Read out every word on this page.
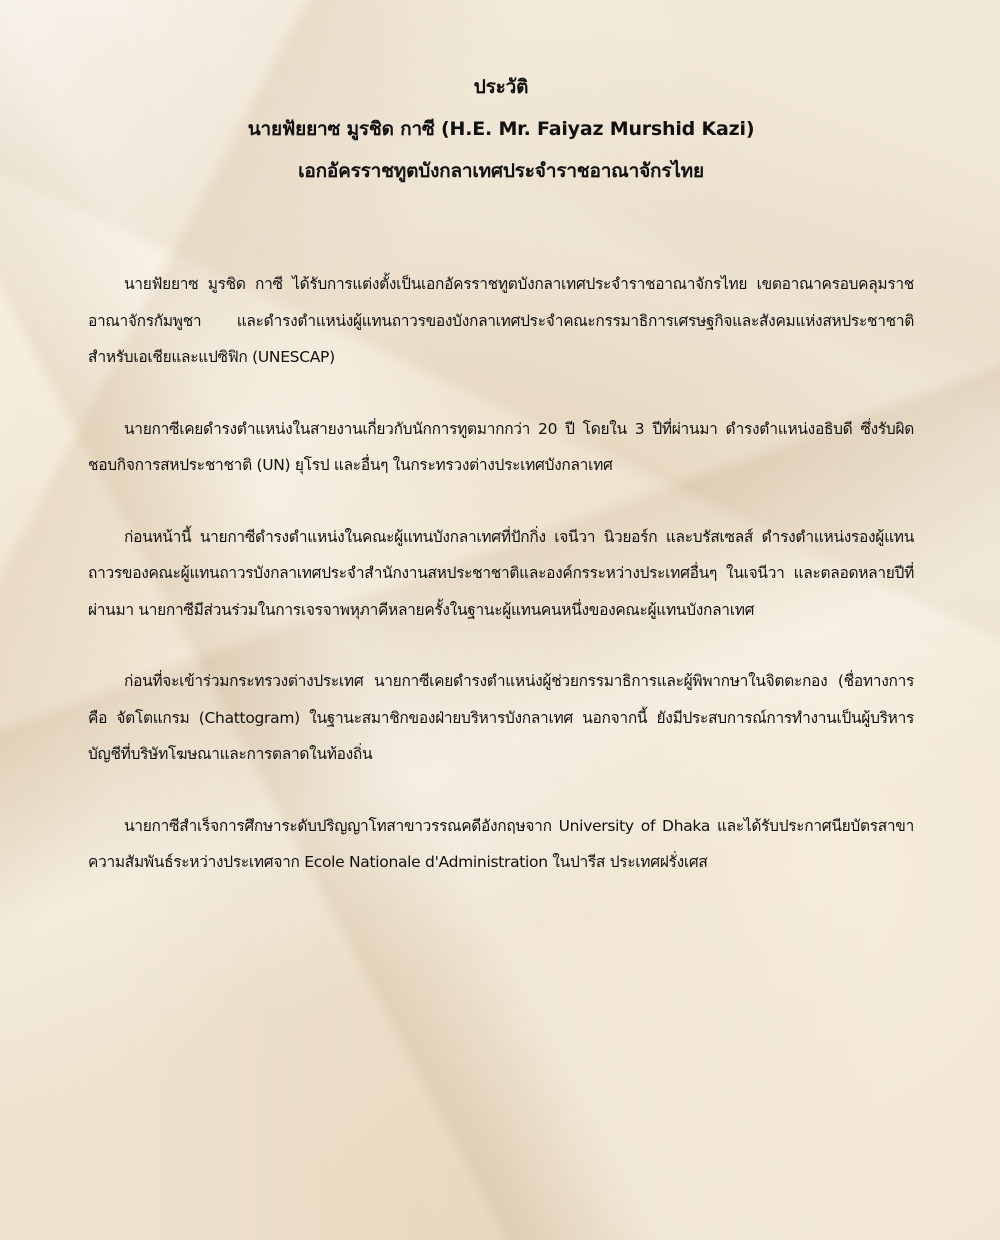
ประวัติ
นายฟัยยาซ มูรชิด กาซี (H.E. Mr. Faiyaz Murshid Kazi)
เอกอัครราชทูตบังกลาเทศประจำราชอาณาจักรไทย

นายฟัยยาซ มูรชิด กาซี ได้รับการแต่งตั้งเป็นเอกอัครราชทูตบังกลาเทศประจำราชอาณาจักรไทย เขตอาณาครอบคลุมราชอาณาจักรกัมพูชา และดำรงตำแหน่งผู้แทนถาวรของบังกลาเทศประจำคณะกรรมาธิการเศรษฐกิจและสังคมแห่งสหประชาชาติสำหรับเอเชียและแปซิฟิก (UNESCAP)

นายกาซีเคยดำรงตำแหน่งในสายงานเกี่ยวกับนักการทูตมากกว่า 20 ปี โดยใน 3 ปีที่ผ่านมา ดำรงตำแหน่งอธิบดี ซึ่งรับผิดชอบกิจการสหประชาชาติ (UN) ยุโรป และอื่นๆ ในกระทรวงต่างประเทศบังกลาเทศ

ก่อนหน้านี้ นายกาซีดำรงตำแหน่งในคณะผู้แทนบังกลาเทศที่ปักกิ่ง เจนีวา นิวยอร์ก และบรัสเซลส์ ดำรงตำแหน่งรองผู้แทนถาวรของคณะผู้แทนถาวรบังกลาเทศประจำสำนักงานสหประชาชาติและองค์กรระหว่างประเทศอื่นๆ ในเจนีวา และตลอดหลายปีที่ผ่านมา นายกาซีมีส่วนร่วมในการเจรจาพหุภาคีหลายครั้งในฐานะผู้แทนคนหนึ่งของคณะผู้แทนบังกลาเทศ

ก่อนที่จะเข้าร่วมกระทรวงต่างประเทศ นายกาซีเคยดำรงตำแหน่งผู้ช่วยกรรมาธิการและผู้พิพากษาในจิตตะกอง (ชื่อทางการคือ จัตโตแกรม (Chattogram) ในฐานะสมาชิกของฝ่ายบริหารบังกลาเทศ นอกจากนี้ ยังมีประสบการณ์การทำงานเป็นผู้บริหารบัญชีที่บริษัทโฆษณาและการตลาดในท้องถิ่น

นายกาซีสำเร็จการศึกษาระดับปริญญาโทสาขาวรรณคดีอังกฤษจาก University of Dhaka และได้รับประกาศนียบัตรสาขาความสัมพันธ์ระหว่างประเทศจาก Ecole Nationale d'Administration ในปารีส ประเทศฝรั่งเศส
